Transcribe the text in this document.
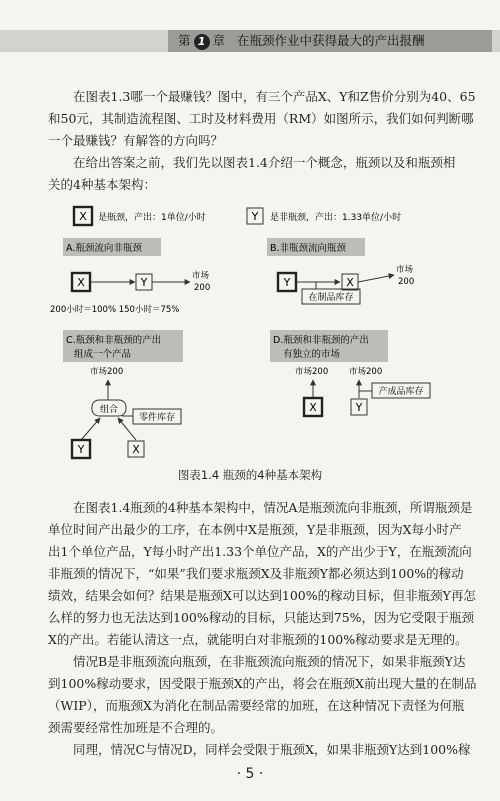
第 1 章 在瓶颈作业中获得最大的产出报酬

在图表1.3哪一个最赚钱？图中，有三个产品X、Y和Z售价分别为40、65
和50元，其制造流程图、工时及材料费用（RM）如图所示，我们如何判断哪
一个最赚钱？有解答的方向吗？

在给出答案之前，我们先以图表1.4介绍一个概念，瓶颈以及和瓶颈相
关的4种基本架构：

X 是瓶颈，产出：1单位/小时	Y 是非瓶颈，产出：1.33单位/小时
A.瓶颈流向非瓶颈
X	Y	市场
200
200小时＝100% 150小时＝75%
B.非瓶颈流向瓶颈
Y	X
市场
200
在制品库存
C.瓶颈和非瓶颈的产出
组成一个产品
市场200
组合
零件库存
Y	X
D.瓶颈和非瓶颈的产出
有独立的市场
市场200 市场200
X	Y
产成品库存
图表1.4 瓶颈的4种基本架构

在图表1.4瓶颈的4种基本架构中，情况A是瓶颈流向非瓶颈，所谓瓶颈是
单位时间产出最少的工序，在本例中X是瓶颈，Y是非瓶颈，因为X每小时产
出1个单位产品，Y每小时产出1.33个单位产品，X的产出少于Y，在瓶颈流向
非瓶颈的情况下，“如果”我们要求瓶颈X及非瓶颈Y都必须达到100%的稼动
绩效，结果会如何？结果是瓶颈X可以达到100%的稼动目标，但非瓶颈Y再怎
么样的努力也无法达到100%稼动的目标，只能达到75%，因为它受限于瓶颈
X的产出。若能认清这一点，就能明白对非瓶颈的100%稼动要求是无理的。

情况B是非瓶颈流向瓶颈，在非瓶颈流向瓶颈的情况下，如果非瓶颈Y达
到100%稼动要求，因受限于瓶颈X的产出，将会在瓶颈X前出现大量的在制品
（WIP），而瓶颈X为消化在制品需要经常的加班，在这种情况下责怪为何瓶
颈需要经常性加班是不合理的。

同理，情况C与情况D，同样会受限于瓶颈X，如果非瓶颈Y达到100%稼

· 5 ·
